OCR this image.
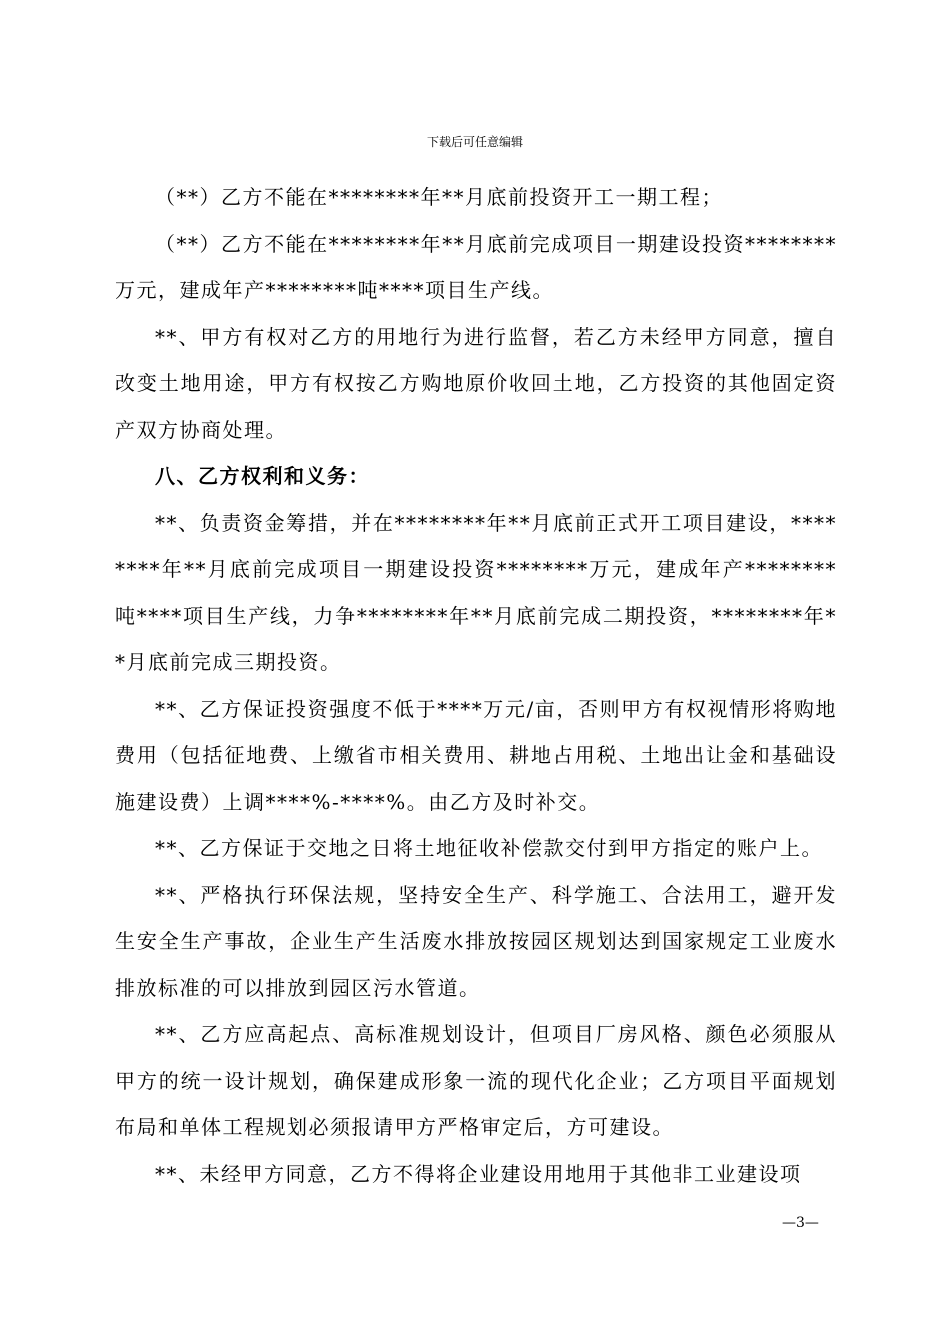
下载后可任意编辑

（**）乙方不能在********年**月底前投资开工一期工程；

（**）乙方不能在********年**月底前完成项目一期建设投资********万元，建成年产********吨****项目生产线。

**、甲方有权对乙方的用地行为进行监督，若乙方未经甲方同意，擅自改变土地用途，甲方有权按乙方购地原价收回土地，乙方投资的其他固定资产双方协商处理。

八、乙方权利和义务：

**、负责资金筹措，并在********年**月底前正式开工项目建设，********年**月底前完成项目一期建设投资********万元，建成年产********吨****项目生产线，力争********年**月底前完成二期投资，********年**月底前完成三期投资。

**、乙方保证投资强度不低于****万元/亩，否则甲方有权视情形将购地费用（包括征地费、上缴省市相关费用、耕地占用税、土地出让金和基础设施建设费）上调****%-****%。由乙方及时补交。

**、乙方保证于交地之日将土地征收补偿款交付到甲方指定的账户上。

**、严格执行环保法规，坚持安全生产、科学施工、合法用工，避开发生安全生产事故，企业生产生活废水排放按园区规划达到国家规定工业废水排放标准的可以排放到园区污水管道。

**、乙方应高起点、高标准规划设计，但项目厂房风格、颜色必须服从甲方的统一设计规划，确保建成形象一流的现代化企业；乙方项目平面规划布局和单体工程规划必须报请甲方严格审定后，方可建设。

**、未经甲方同意，乙方不得将企业建设用地用于其他非工业建设项

—3—
